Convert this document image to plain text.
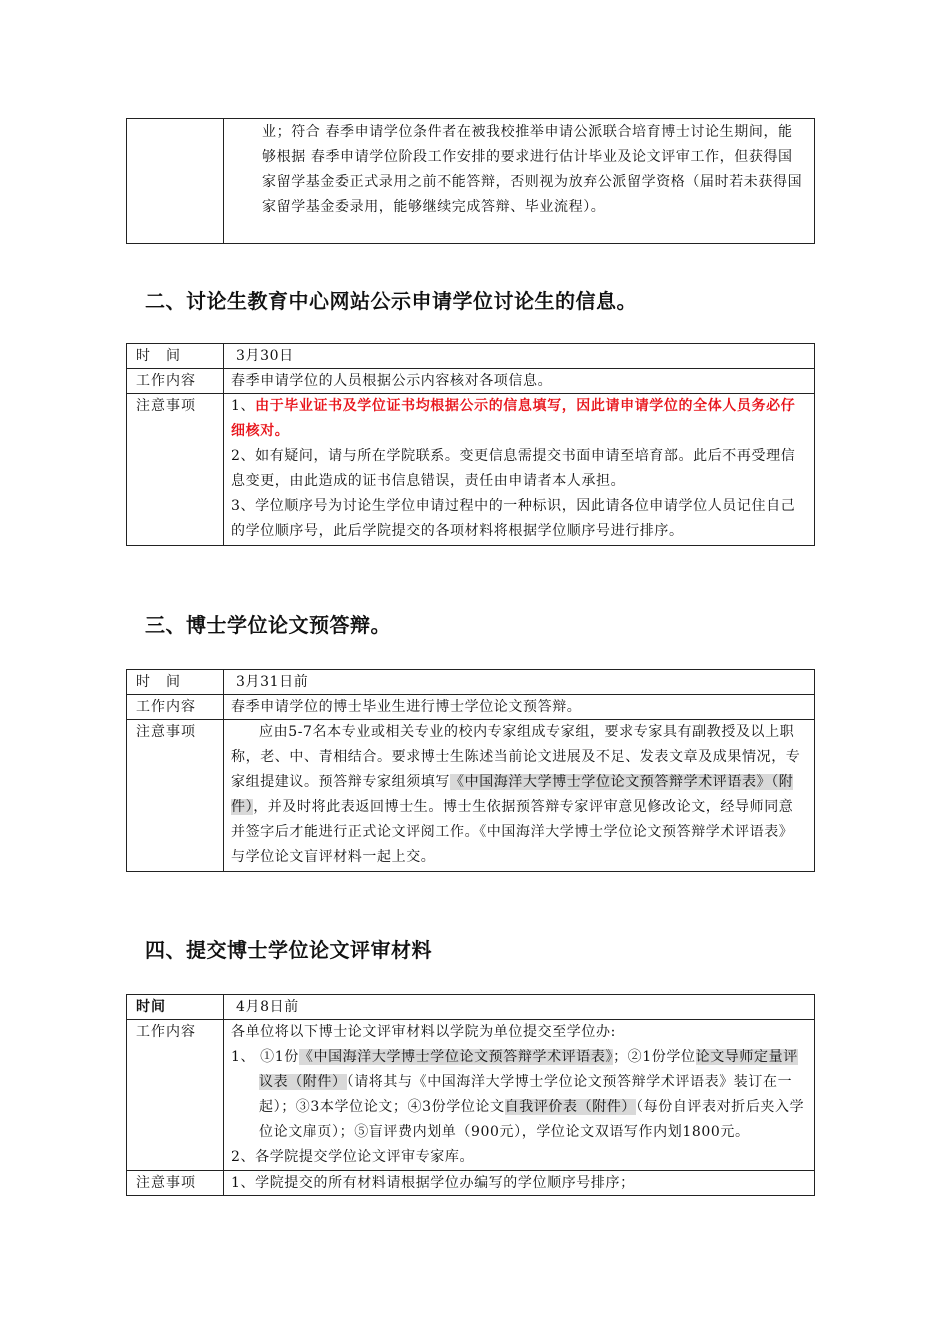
	业；符合 春季申请学位条件者在被我校推举申请公派联合培育博士讨论生期间，能够根据 春季申请学位阶段工作安排的要求进行估计毕业及论文评审工作，但获得国家留学基金委正式录用之前不能答辩，否则视为放弃公派留学资格（届时若未获得国家留学基金委录用，能够继续完成答辩、毕业流程）。
二、讨论生教育中心网站公示申请学位讨论生的信息。
时　间	3月30日
工作内容	春季申请学位的人员根据公示内容核对各项信息。
注意事项	1、由于毕业证书及学位证书均根据公示的信息填写，因此请申请学位的全体人员务必仔细核对。
2、如有疑问，请与所在学院联系。变更信息需提交书面申请至培育部。此后不再受理信息变更，由此造成的证书信息错误，责任由申请者本人承担。
3、学位顺序号为讨论生学位申请过程中的一种标识，因此请各位申请学位人员记住自己的学位顺序号，此后学院提交的各项材料将根据学位顺序号进行排序。
三、博士学位论文预答辩。
时　间	3月31日前
工作内容	春季申请学位的博士毕业生进行博士学位论文预答辩。
注意事项	应由5-7名本专业或相关专业的校内专家组成专家组，要求专家具有副教授及以上职称，老、中、青相结合。要求博士生陈述当前论文进展及不足、发表文章及成果情况，专家组提建议。预答辩专家组须填写《中国海洋大学博士学位论文预答辩学术评语表》（附件），并及时将此表返回博士生。博士生依据预答辩专家评审意见修改论文，经导师同意并签字后才能进行正式论文评阅工作。《中国海洋大学博士学位论文预答辩学术评语表》与学位论文盲评材料一起上交。
四、提交博士学位论文评审材料
时间	4月8日前
工作内容	各单位将以下博士论文评审材料以学院为单位提交至学位办:
1、 ①1份《中国海洋大学博士学位论文预答辩学术评语表》；②1份学位论文导师定量评议表（附件）（请将其与《中国海洋大学博士学位论文预答辩学术评语表》装订在一起）；③3本学位论文；④3份学位论文自我评价表（附件）（每份自评表对折后夹入学位论文扉页）；⑤盲评费内划单（900元），学位论文双语写作内划1800元。
2、各学院提交学位论文评审专家库。

注意事项	1、学院提交的所有材料请根据学位办编写的学位顺序号排序；
